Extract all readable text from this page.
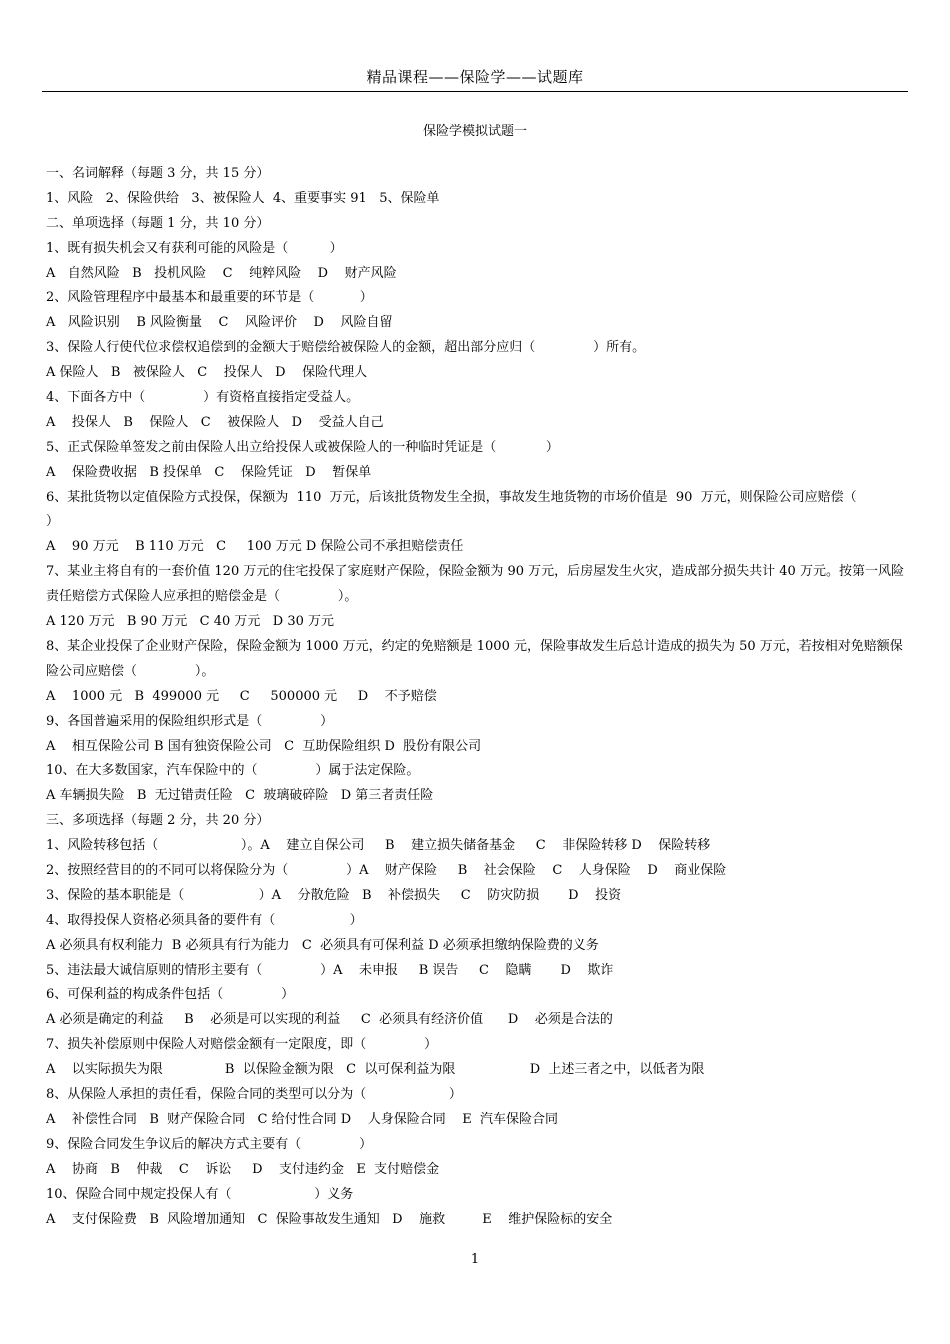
精品课程——保险学——试题库
保险学模拟试题一
一、名词解释（每题 3 分，共 15 分）
1、风险   2、保险供给   3、被保险人  4、重要事实 91   5、保险单
二、单项选择（每题 1 分，共 10 分）
1、既有损失机会又有获利可能的风险是（          ）
A   自然风险   B   投机风险    C    纯粹风险    D    财产风险
2、风险管理程序中最基本和最重要的环节是（           ）
A   风险识别    B 风险衡量    C    风险评价    D    风险自留
3、保险人行使代位求偿权追偿到的金额大于赔偿给被保险人的金额，超出部分应归（              ）所有。
A 保险人   B   被保险人   C    投保人   D    保险代理人
4、下面各方中（              ）有资格直接指定受益人。
A    投保人   B    保险人   C    被保险人   D    受益人自己
5、正式保险单签发之前由保险人出立给投保人或被保险人的一种临时凭证是（            ）
A    保险费收据   B 投保单   C    保险凭证   D    暂保单
6、某批货物以定值保险方式投保，保额为  110  万元，后该批货物发生全损，事故发生地货物的市场价值是  90  万元，则保险公司应赔偿（                ）
A    90 万元    B 110 万元   C     100 万元 D 保险公司不承担赔偿责任
7、某业主将自有的一套价值 120 万元的住宅投保了家庭财产保险，保险金额为 90 万元，后房屋发生火灾，造成部分损失共计 40 万元。按第一风险责任赔偿方式保险人应承担的赔偿金是（              ）。
A 120 万元   B 90 万元   C 40 万元   D 30 万元
8、某企业投保了企业财产保险，保险金额为 1000 万元，约定的免赔额是 1000 元，保险事故发生后总计造成的损失为 50 万元，若按相对免赔额保险公司应赔偿（              ）。
A    1000 元   B  499000 元     C     500000 元     D    不予赔偿
9、各国普遍采用的保险组织形式是（              ）
A    相互保险公司 B 国有独资保险公司   C  互助保险组织 D  股份有限公司
10、在大多数国家，汽车保险中的（              ）属于法定保险。
A 车辆损失险   B  无过错责任险   C  玻璃破碎险   D 第三者责任险
三、多项选择（每题 2 分，共 20 分）
1、风险转移包括（                    ）。A    建立自保公司     B    建立损失储备基金     C    非保险转移 D    保险转移
2、按照经营目的的不同可以将保险分为（              ）A    财产保险     B    社会保险    C    人身保险    D    商业保险
3、保险的基本职能是（                  ）A    分散危险   B    补偿损失     C    防灾防损       D    投资
4、取得投保人资格必须具备的要件有（                  ）
A 必须具有权利能力  B 必须具有行为能力   C  必须具有可保利益 D 必须承担缴纳保险费的义务
5、违法最大诚信原则的情形主要有（              ）A    未申报     B 误告     C    隐瞒       D    欺诈
6、可保利益的构成条件包括（              ）
A 必须是确定的利益     B    必须是可以实现的利益     C  必须具有经济价值      D    必须是合法的
7、损失补偿原则中保险人对赔偿金额有一定限度，即（              ）
A    以实际损失为限               B  以保险金额为限   C  以可保利益为限                  D  上述三者之中，以低者为限
8、从保险人承担的责任看，保险合同的类型可以分为（                    ）
A    补偿性合同   B  财产保险合同   C 给付性合同 D    人身保险合同    E  汽车保险合同
9、保险合同发生争议后的解决方式主要有（              ）
A    协商   B    仲裁    C    诉讼     D    支付违约金   E  支付赔偿金
10、保险合同中规定投保人有（                    ）义务
A    支付保险费   B  风险增加通知   C  保险事故发生通知   D    施救         E    维护保险标的安全
1
